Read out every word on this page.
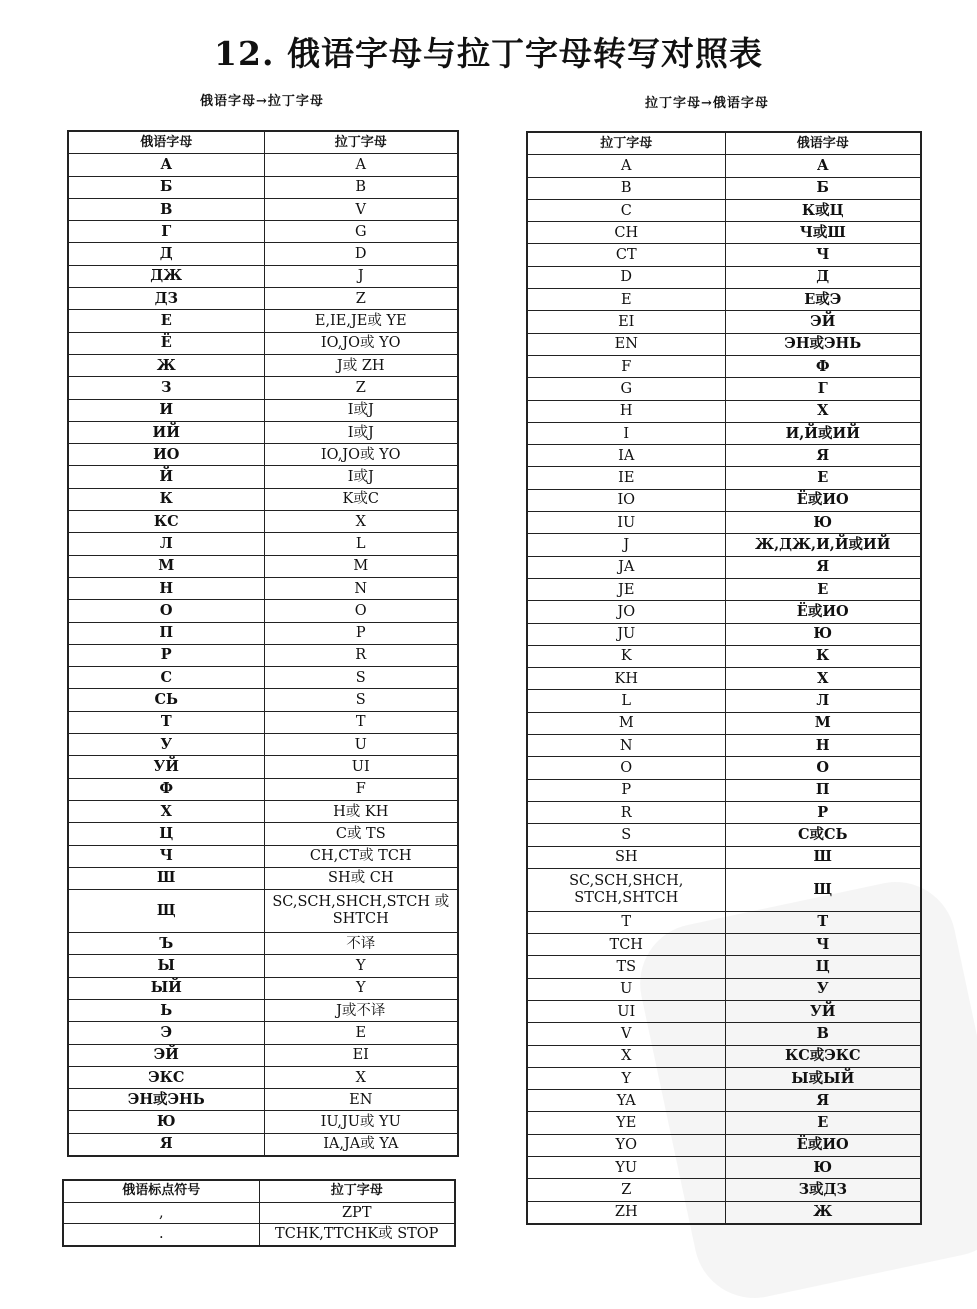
12. 俄语字母与拉丁字母转写对照表
俄语字母→拉丁字母	拉丁字母→俄语字母
俄语字母	拉丁字母
А	A
Б	B
В	V
Г	G
Д	D
ДЖ	J
ДЗ	Z
Е	E,IE,JE或 YE
Ё	IO,JO或 YO
Ж	J或 ZH
З	Z
И	I或J
ИЙ	I或J
ИО	IO,JO或 YO
Й	I或J
К	K或C
КС	X
Л	L
М	M
Н	N
О	O
П	P
Р	R
С	S
СЬ	S
Т	T
У	U
УЙ	UI
Ф	F
Х	H或 KH
Ц	C或 TS
Ч	CH,CT或 TCH
Ш	SH或 CH
Щ	SC,SCH,SHCH,STCH 或 SHTCH
Ъ	不译
Ы	Y
ЫЙ	Y
Ь	J或不译
Э	E
ЭЙ	EI
ЭКС	X
ЭН或ЭНЬ	EN
Ю	IU,JU或 YU
Я	IA,JA或 YA
拉丁字母	俄语字母
A	А
B	Б
C	К或Ц
CH	Ч或Ш
CT	Ч
D	Д
E	Е或Э
EI	ЭЙ
EN	ЭН或ЭНЬ
F	Ф
G	Г
H	Х
I	И,Й或ИЙ
IA	Я
IE	Е
IO	Ё或ИО
IU	Ю
J	Ж,ДЖ,И,Й或ИЙ
JA	Я
JE	Е
JO	Ё或ИО
JU	Ю
K	К
KH	Х
L	Л
M	М
N	Н
O	О
P	П
R	Р
S	С或СЬ
SH	Ш
SC,SCH,SHCH, STCH,SHTCH	Щ
T	Т
TCH	Ч
TS	Ц
U	У
UI	УЙ
V	В
X	КС或ЭКС
Y	Ы或ЫЙ
YA	Я
YE	Е
YO	Ё或ИО
YU	Ю
Z	З或ДЗ
ZH	Ж
俄语标点符号	拉丁字母
,	ZPT
.	TCHK,TTCHK或 STOP
